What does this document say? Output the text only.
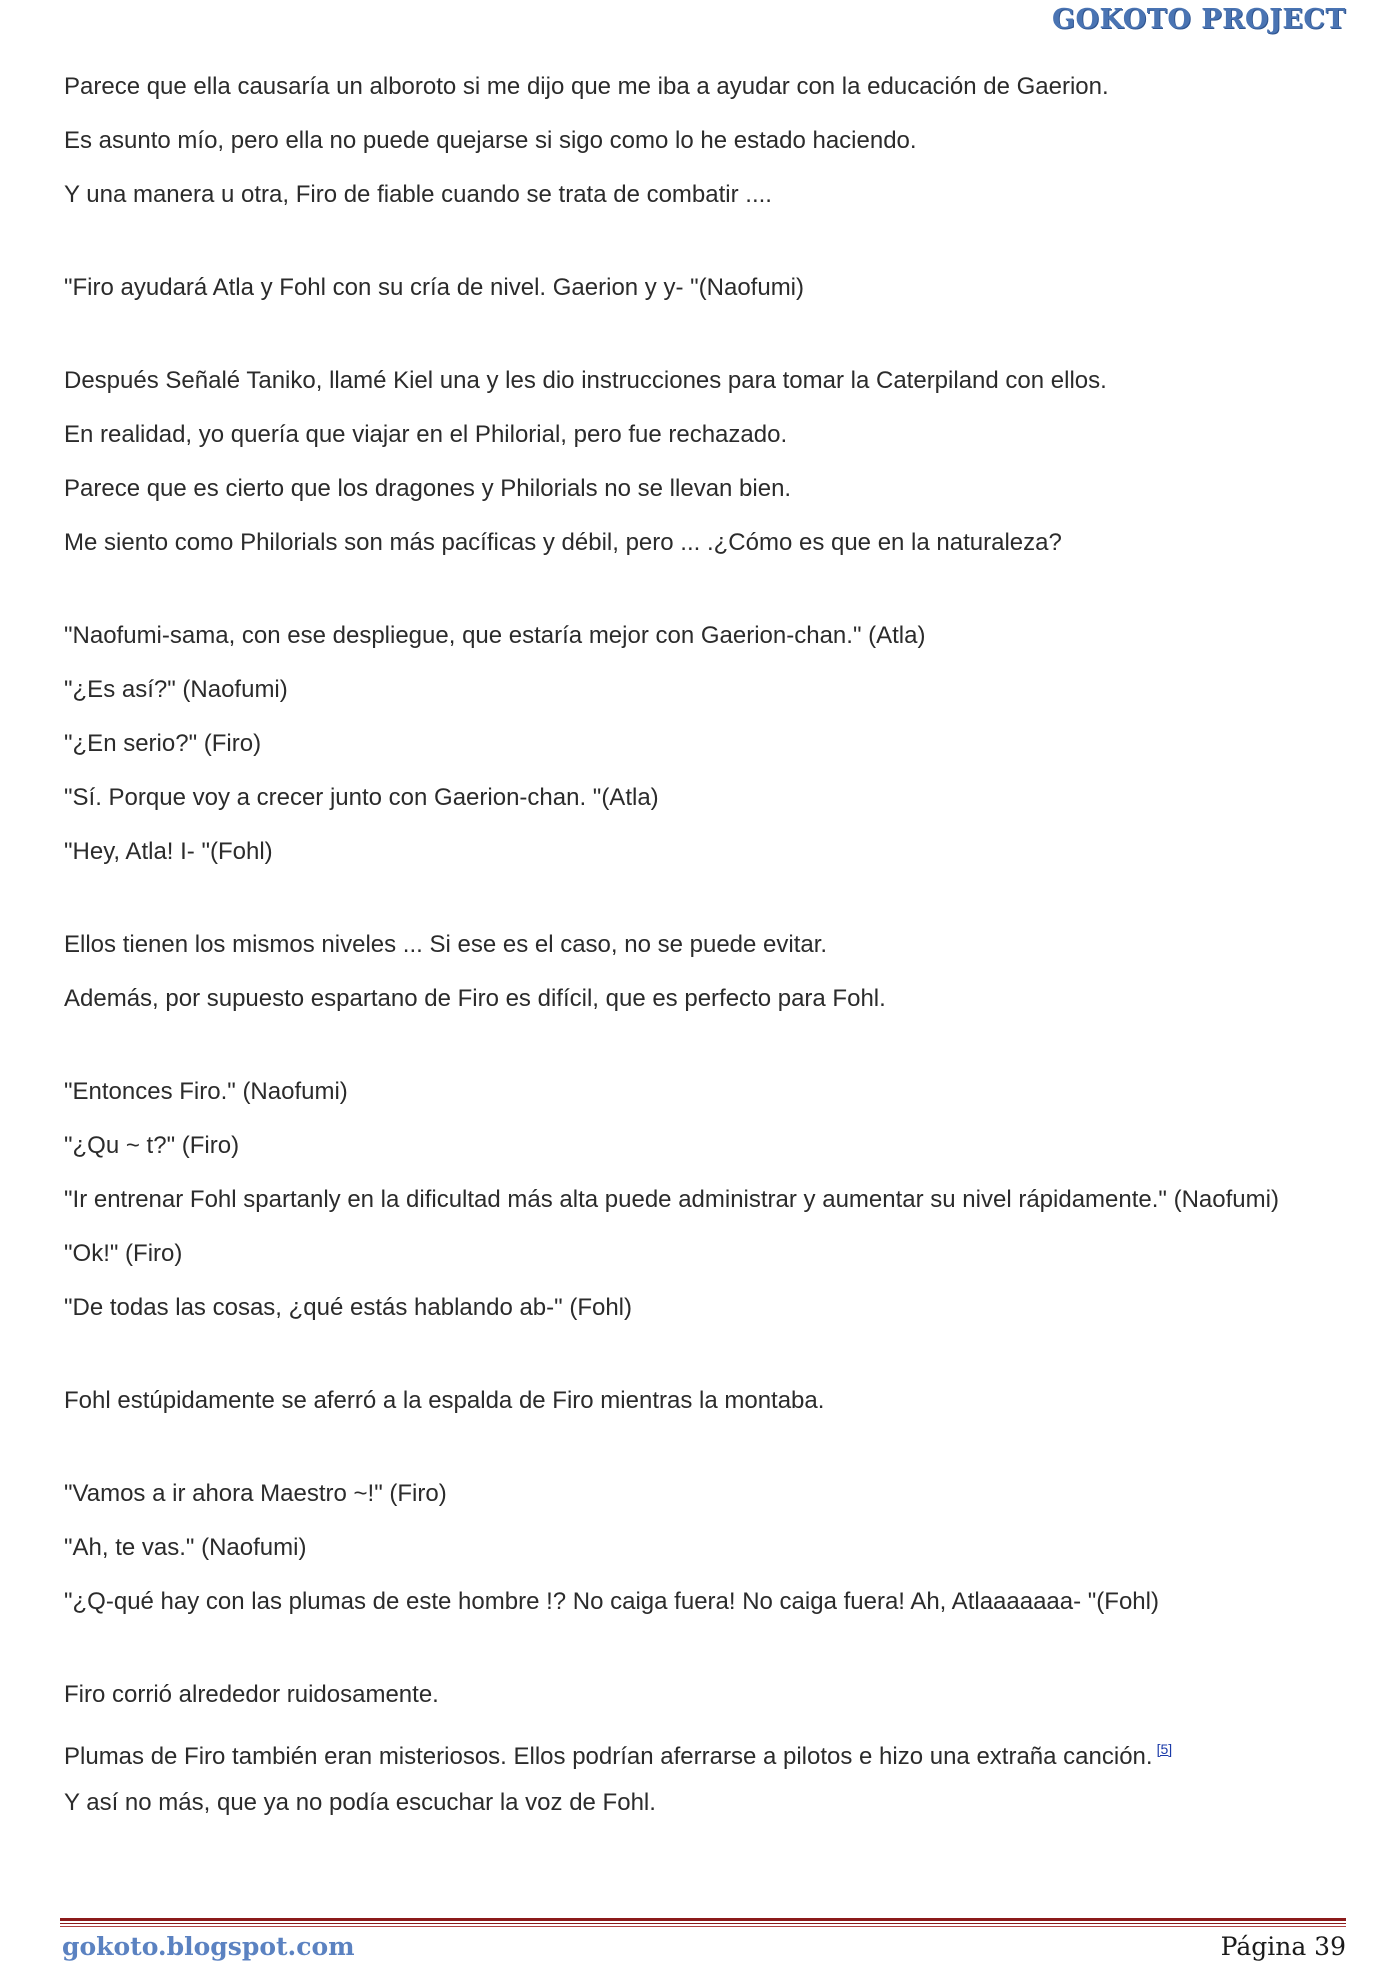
GOKOTO PROJECT

Parece que ella causaría un alboroto si me dijo que me iba a ayudar con la educación de Gaerion.

Es asunto mío, pero ella no puede quejarse si sigo como lo he estado haciendo.

Y una manera u otra, Firo de fiable cuando se trata de combatir ....

"Firo ayudará Atla y Fohl con su cría de nivel. Gaerion y y- "(Naofumi)

Después Señalé Taniko, llamé Kiel una y les dio instrucciones para tomar la Caterpiland con ellos.

En realidad, yo quería que viajar en el Philorial, pero fue rechazado.

Parece que es cierto que los dragones y Philorials no se llevan bien.

Me siento como Philorials son más pacíficas y débil, pero ... .¿Cómo es que en la naturaleza?

"Naofumi-sama, con ese despliegue, que estaría mejor con Gaerion-chan." (Atla)

"¿Es así?" (Naofumi)

"¿En serio?" (Firo)

"Sí. Porque voy a crecer junto con Gaerion-chan. "(Atla)

"Hey, Atla! I- "(Fohl)

Ellos tienen los mismos niveles ... Si ese es el caso, no se puede evitar.

Además, por supuesto espartano de Firo es difícil, que es perfecto para Fohl.

"Entonces Firo." (Naofumi)

"¿Qu ~ t?" (Firo)

"Ir entrenar Fohl spartanly en la dificultad más alta puede administrar y aumentar su nivel rápidamente." (Naofumi)

"Ok!" (Firo)

"De todas las cosas, ¿qué estás hablando ab-" (Fohl)

Fohl estúpidamente se aferró a la espalda de Firo mientras la montaba.

"Vamos a ir ahora Maestro ~!" (Firo)

"Ah, te vas." (Naofumi)

"¿Q-qué hay con las plumas de este hombre !? No caiga fuera! No caiga fuera! Ah, Atlaaaaaaa- "(Fohl)

Firo corrió alrededor ruidosamente.

Plumas de Firo también eran misteriosos. Ellos podrían aferrarse a pilotos e hizo una extraña canción. [5]

Y así no más, que ya no podía escuchar la voz de Fohl.

gokoto.blogspot.com	Página 39
